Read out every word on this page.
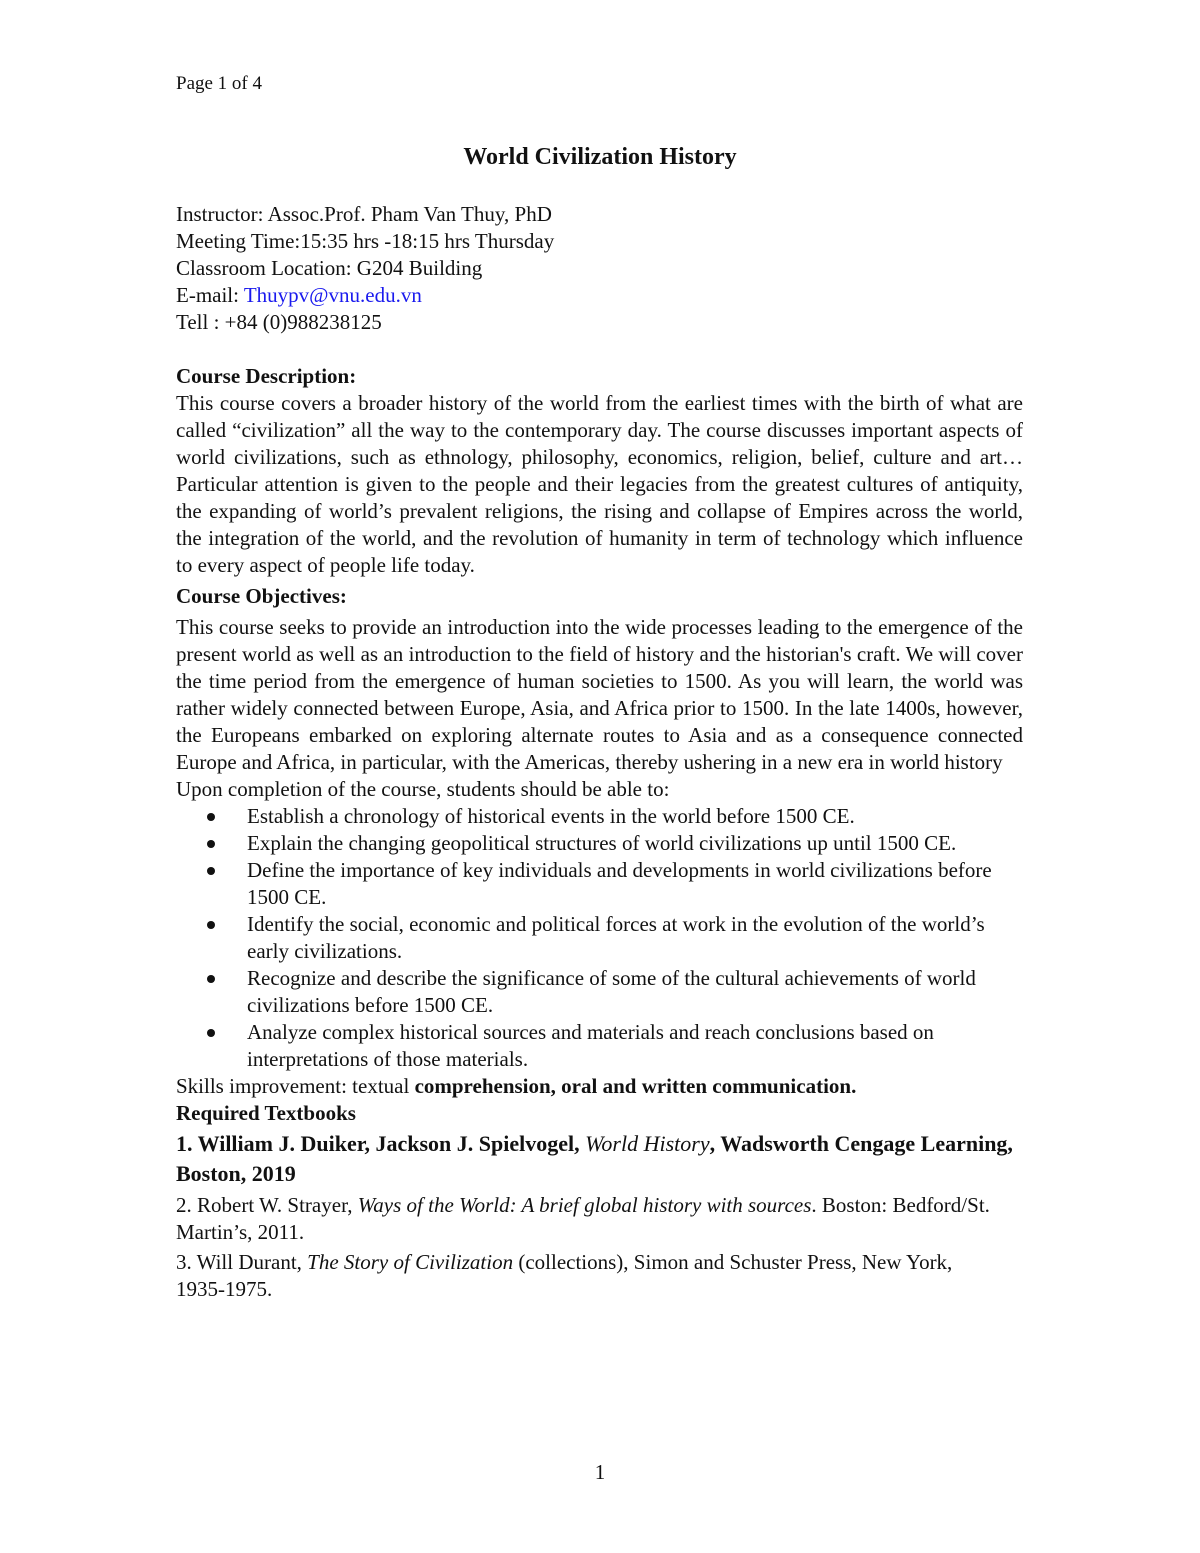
Page 1 of 4
World Civilization History
Instructor: Assoc.Prof. Pham Van Thuy, PhD
Meeting Time:15:35 hrs -18:15 hrs Thursday
Classroom Location: G204 Building
E-mail: Thuypv@vnu.edu.vn
Tell : +84 (0)988238125
Course Description:

This course covers a broader history of the world from the earliest times with the birth of what are called “civilization” all the way to the contemporary day. The course discusses important aspects of world civilizations, such as ethnology, philosophy, economics, religion, belief, culture and art…Particular attention is given to the people and their legacies from the greatest cultures of antiquity, the expanding of world’s prevalent religions, the rising and collapse of Empires across the world, the integration of the world, and the revolution of humanity in term of technology which influence to every aspect of people life today.

Course Objectives:

This course seeks to provide an introduction into the wide processes leading to the emergence of the present world as well as an introduction to the field of history and the historian's craft. We will cover the time period from the emergence of human societies to 1500. As you will learn, the world was rather widely connected between Europe, Asia, and Africa prior to 1500. In the late 1400s, however, the Europeans embarked on exploring alternate routes to Asia and as a consequence connected Europe and Africa, in particular, with the Americas, thereby ushering in a new era in world history

Upon completion of the course, students should be able to:
Establish a chronology of historical events in the world before 1500 CE.
Explain the changing geopolitical structures of world civilizations up until 1500 CE.
Define the importance of key individuals and developments in world civilizations before 1500 CE.
Identify the social, economic and political forces at work in the evolution of the world’s early civilizations.
Recognize and describe the significance of some of the cultural achievements of world civilizations before 1500 CE.
Analyze complex historical sources and materials and reach conclusions based on interpretations of those materials.
Skills improvement: textual comprehension, oral and written communication.
Required Textbooks
1. William J. Duiker, Jackson J. Spielvogel, World History, Wadsworth Cengage Learning, Boston, 2019
2. Robert W. Strayer, Ways of the World: A brief global history with sources. Boston: Bedford/St. Martin’s, 2011.
3. Will Durant, The Story of Civilization (collections), Simon and Schuster Press, New York, 1935-1975.
1
